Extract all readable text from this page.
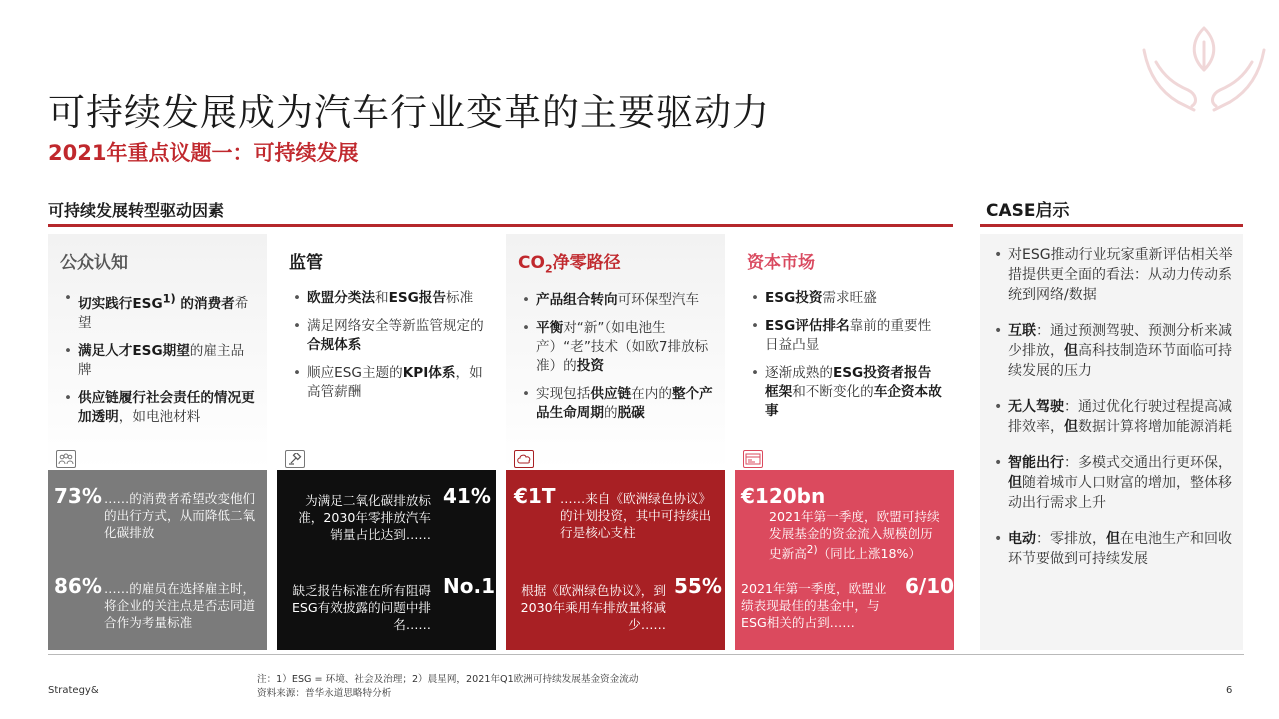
可持续发展成为汽车行业变革的主要驱动力
2021年重点议题一：可持续发展
可持续发展转型驱动因素
公众认知
• 切实践行ESG$^{1)}$ 的消费者希望
• 满足人才ESG期望的雇主品牌
• 供应链履行社会责任的情况更加透明，如电池材料
73% ……的消费者希望改变他们的出行方式，从而降低二氧化碳排放
86% ……的雇员在选择雇主时，将企业的关注点是否志同道合作为考量标准
监管
• 欧盟分类法和ESG报告标准
• 满足网络安全等新监管规定的合规体系
• 顺应ESG主题的KPI体系，如高管薪酬
为满足二氧化碳排放标准，2030年零排放汽车销量占比达到……
41%
缺乏报告标准在所有阻碍ESG有效披露的问题中排名……
No.1
$CO_2$净零路径
• 产品组合转向可环保型汽车
• 平衡对“新”（如电池生产）“老”技术（如欧7排放标准）的投资
• 实现包括供应链在内的整个产品生命周期的脱碳
€1T ……来自《欧洲绿色协议》的计划投资，其中可持续出行是核心支柱
根据《欧洲绿色协议》，到2030年乘用车排放量将减少……
55%
资本市场
• ESG投资需求旺盛
• ESG评估排名靠前的重要性日益凸显
• 逐渐成熟的ESG投资者报告框架和不断变化的车企资本故事
€120bn
2021年第一季度，欧盟可持续发展基金的资金流入规模创历史新高$^{2)}$（同比上涨18%）
2021年第一季度，欧盟业绩表现最佳的基金中，与ESG相关的占到……
6/10
CASE启示
• 对ESG推动行业玩家重新评估相关举措提供更全面的看法：从动力传动系统到网络/数据
• 互联：通过预测驾驶、预测分析来减少排放，但高科技制造环节面临可持续发展的压力
• 无人驾驶：通过优化行驶过程提高减排效率，但数据计算将增加能源消耗
• 智能出行：多模式交通出行更环保，但随着城市人口财富的增加，整体移动出行需求上升
• 电动：零排放，但在电池生产和回收环节要做到可持续发展
注：1）ESG = 环境、社会及治理；2）晨星网，2021年Q1欧洲可持续发展基金资金流动
资料来源：普华永道思略特分析
Strategy&	6
